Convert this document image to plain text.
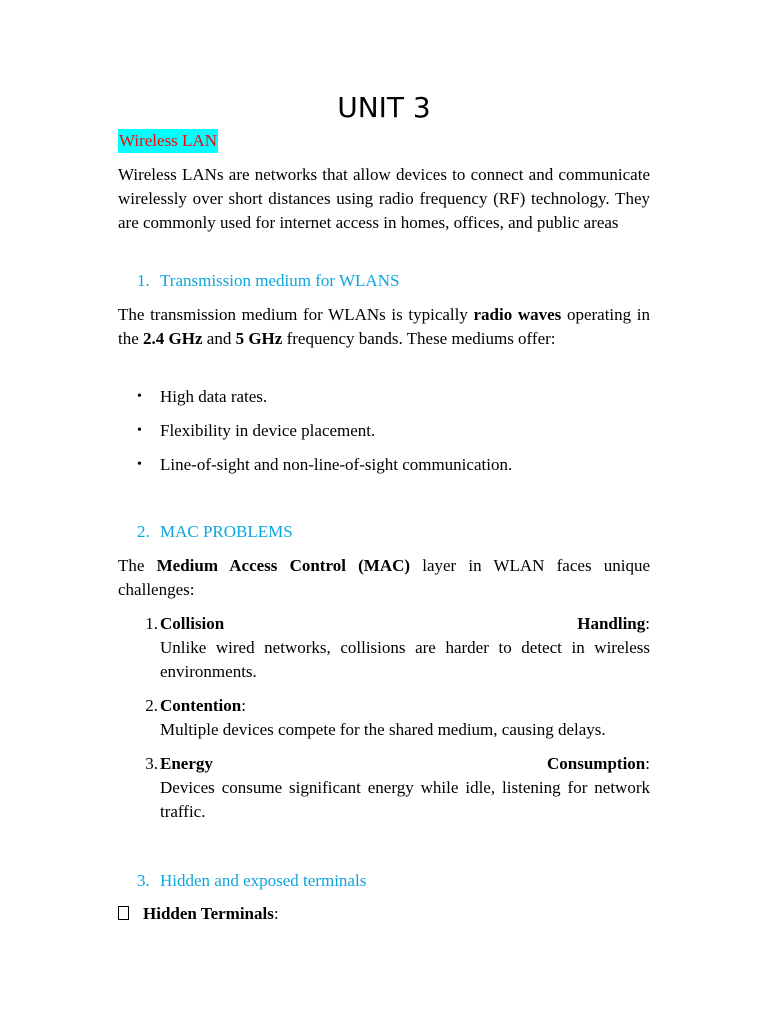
UNIT 3
Wireless LAN
Wireless LANs are networks that allow devices to connect and communicate wirelessly over short distances using radio frequency (RF) technology. They are commonly used for internet access in homes, offices, and public areas
1. Transmission medium for WLANS
The transmission medium for WLANs is typically radio waves operating in the 2.4 GHz and 5 GHz frequency bands. These mediums offer:
• High data rates.
• Flexibility in device placement.
• Line-of-sight and non-line-of-sight communication.
2. MAC PROBLEMS
The Medium Access Control (MAC) layer in WLAN faces unique challenges:
1. Collision	Handling:
Unlike wired networks, collisions are harder to detect in wireless environments.
2. Contention:
Multiple devices compete for the shared medium, causing delays.
3. Energy	Consumption:
Devices consume significant energy while idle, listening for network traffic.
3. Hidden and exposed terminals
Hidden Terminals:
